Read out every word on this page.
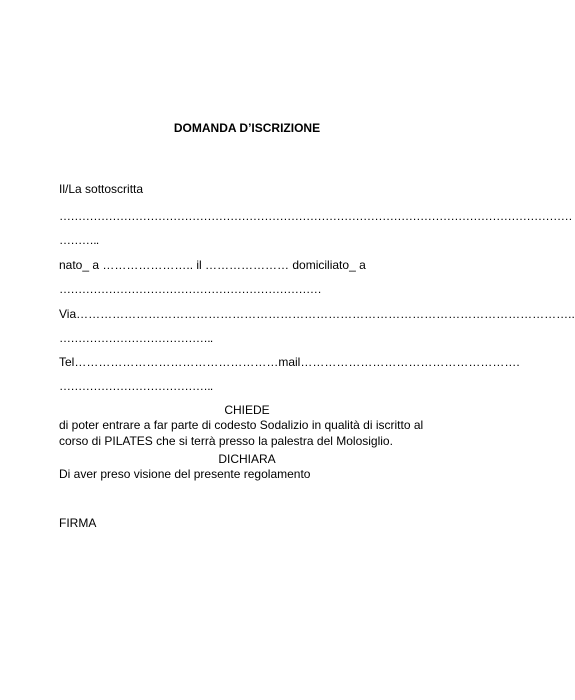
DOMANDA D’ISCRIZIONE
Il/La sottoscritta
………………………………………………………………………………………………………………………
………..
nato_ a ………………….. il ………………… domiciliato_ a
……………………………………………………………
Via……………………………………………………………………………………………………………..
…………………………………..
Tel……………………………………………mail……………………………………………….
…………………………………..
CHIEDE
di poter entrare a far parte di codesto Sodalizio in qualità di iscritto al
corso di PILATES che si terrà presso la palestra del Molosiglio.
DICHIARA
Di aver preso visione del presente regolamento
FIRMA
